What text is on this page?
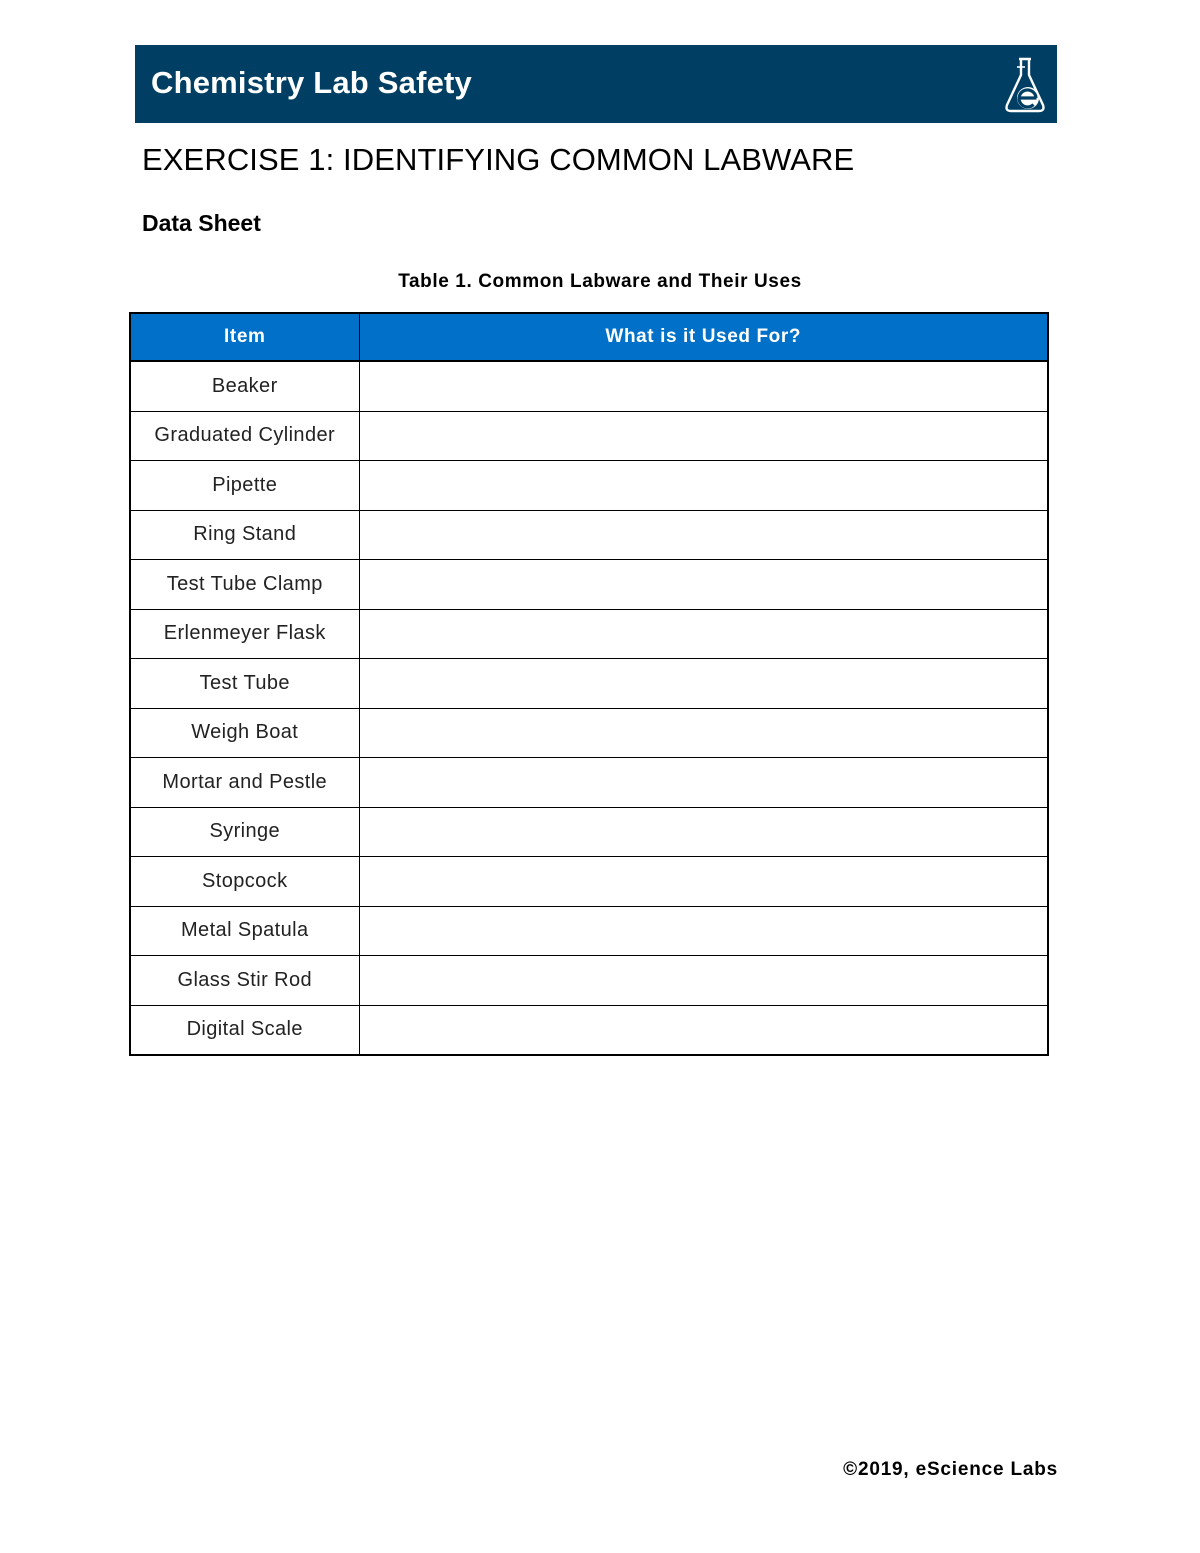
Chemistry Lab Safety
EXERCISE 1: IDENTIFYING COMMON LABWARE
Data Sheet
Table 1. Common Labware and Their Uses
Item	What is it Used For?
Beaker	
Graduated Cylinder	
Pipette	
Ring Stand	
Test Tube Clamp	
Erlenmeyer Flask	
Test Tube	
Weigh Boat	
Mortar and Pestle	
Syringe	
Stopcock	
Metal Spatula	
Glass Stir Rod	
Digital Scale	
©2019, eScience Labs
